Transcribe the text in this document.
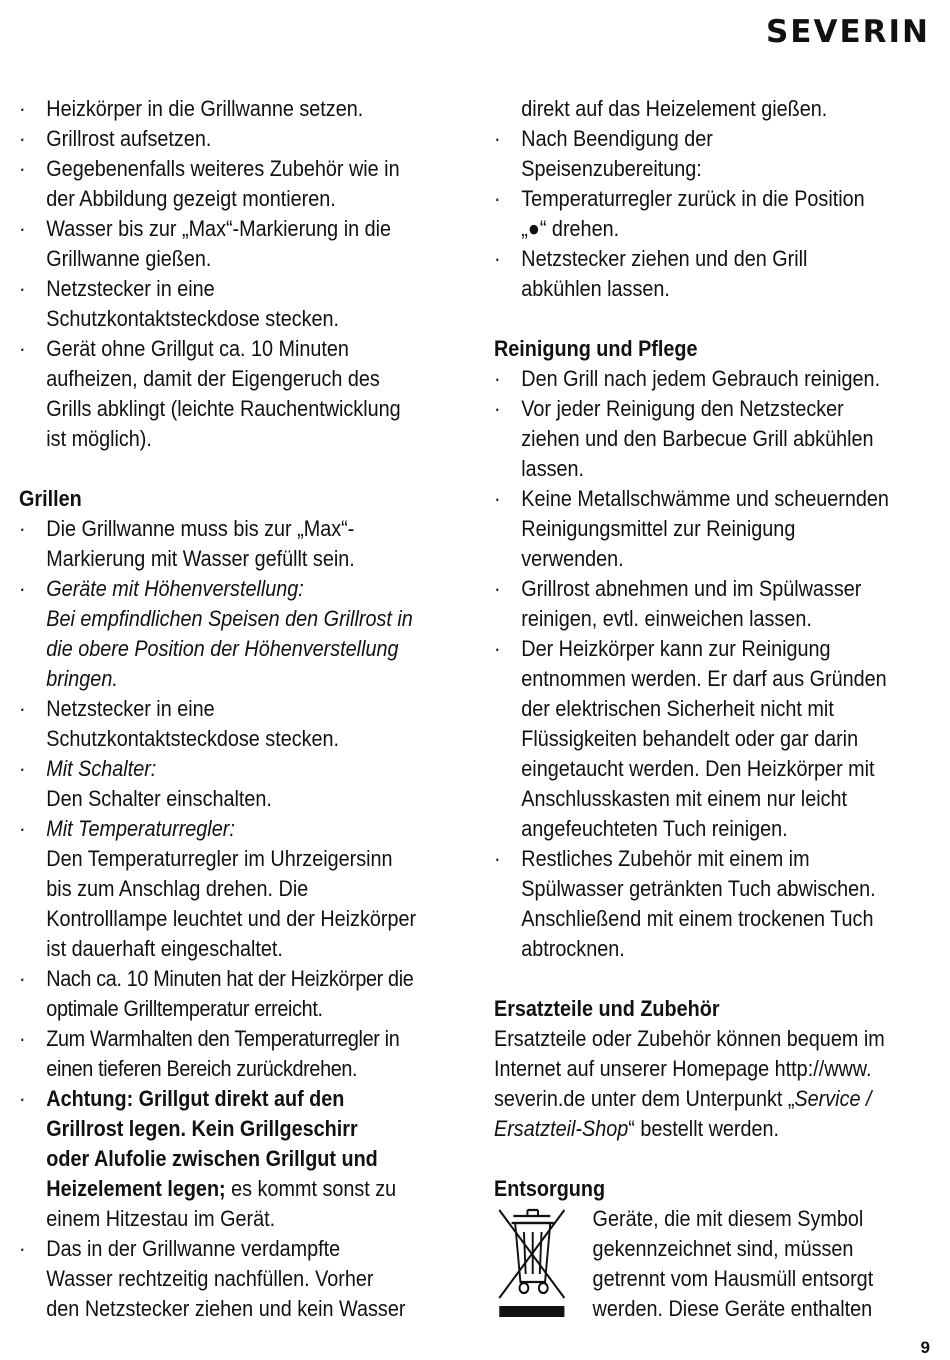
SEVERIN
· Heizkörper in die Grillwanne setzen.
· Grillrost aufsetzen.
· Gegebenenfalls weiteres Zubehör wie in
der Abbildung gezeigt montieren.
· Wasser bis zur „Max“-Markierung in die
Grillwanne gießen.
· Netzstecker in eine
Schutzkontaktsteckdose stecken.
· Gerät ohne Grillgut ca. 10 Minuten
aufheizen, damit der Eigengeruch des
Grills abklingt (leichte Rauchentwicklung
ist möglich).
Grillen
· Die Grillwanne muss bis zur „Max“-
Markierung mit Wasser gefüllt sein.
· Geräte mit Höhenverstellung:
Bei empfindlichen Speisen den Grillrost in
die obere Position der Höhenverstellung
bringen.
· Netzstecker in eine
Schutzkontaktsteckdose stecken.
· Mit Schalter:
Den Schalter einschalten.
· Mit Temperaturregler:
Den Temperaturregler im Uhrzeigersinn
bis zum Anschlag drehen. Die
Kontrolllampe leuchtet und der Heizkörper
ist dauerhaft eingeschaltet.
· Nach ca. 10 Minuten hat der Heizkörper die
optimale Grilltemperatur erreicht.
· Zum Warmhalten den Temperaturregler in
einen tieferen Bereich zurückdrehen.
· Achtung: Grillgut direkt auf den
Grillrost legen. Kein Grillgeschirr
oder Alufolie zwischen Grillgut und
Heizelement legen; es kommt sonst zu
einem Hitzestau im Gerät.
· Das in der Grillwanne verdampfte
Wasser rechtzeitig nachfüllen. Vorher
den Netzstecker ziehen und kein Wasser
direkt auf das Heizelement gießen.
· Nach Beendigung der
Speisenzubereitung:
· Temperaturregler zurück in die Position
„●“ drehen.
· Netzstecker ziehen und den Grill
abkühlen lassen.
Reinigung und Pflege
· Den Grill nach jedem Gebrauch reinigen.
· Vor jeder Reinigung den Netzstecker
ziehen und den Barbecue Grill abkühlen
lassen.
· Keine Metallschwämme und scheuernden
Reinigungsmittel zur Reinigung
verwenden.
· Grillrost abnehmen und im Spülwasser
reinigen, evtl. einweichen lassen.
· Der Heizkörper kann zur Reinigung
entnommen werden. Er darf aus Gründen
der elektrischen Sicherheit nicht mit
Flüssigkeiten behandelt oder gar darin
eingetaucht werden. Den Heizkörper mit
Anschlusskasten mit einem nur leicht
angefeuchteten Tuch reinigen.
· Restliches Zubehör mit einem im
Spülwasser getränkten Tuch abwischen.
Anschließend mit einem trockenen Tuch
abtrocknen.
Ersatzteile und Zubehör
Ersatzteile oder Zubehör können bequem im
Internet auf unserer Homepage http://www.
severin.de unter dem Unterpunkt „Service /
Ersatzteil-Shop“ bestellt werden.
Entsorgung
Geräte, die mit diesem Symbol
gekennzeichnet sind, müssen
getrennt vom Hausmüll entsorgt
werden. Diese Geräte enthalten
9
